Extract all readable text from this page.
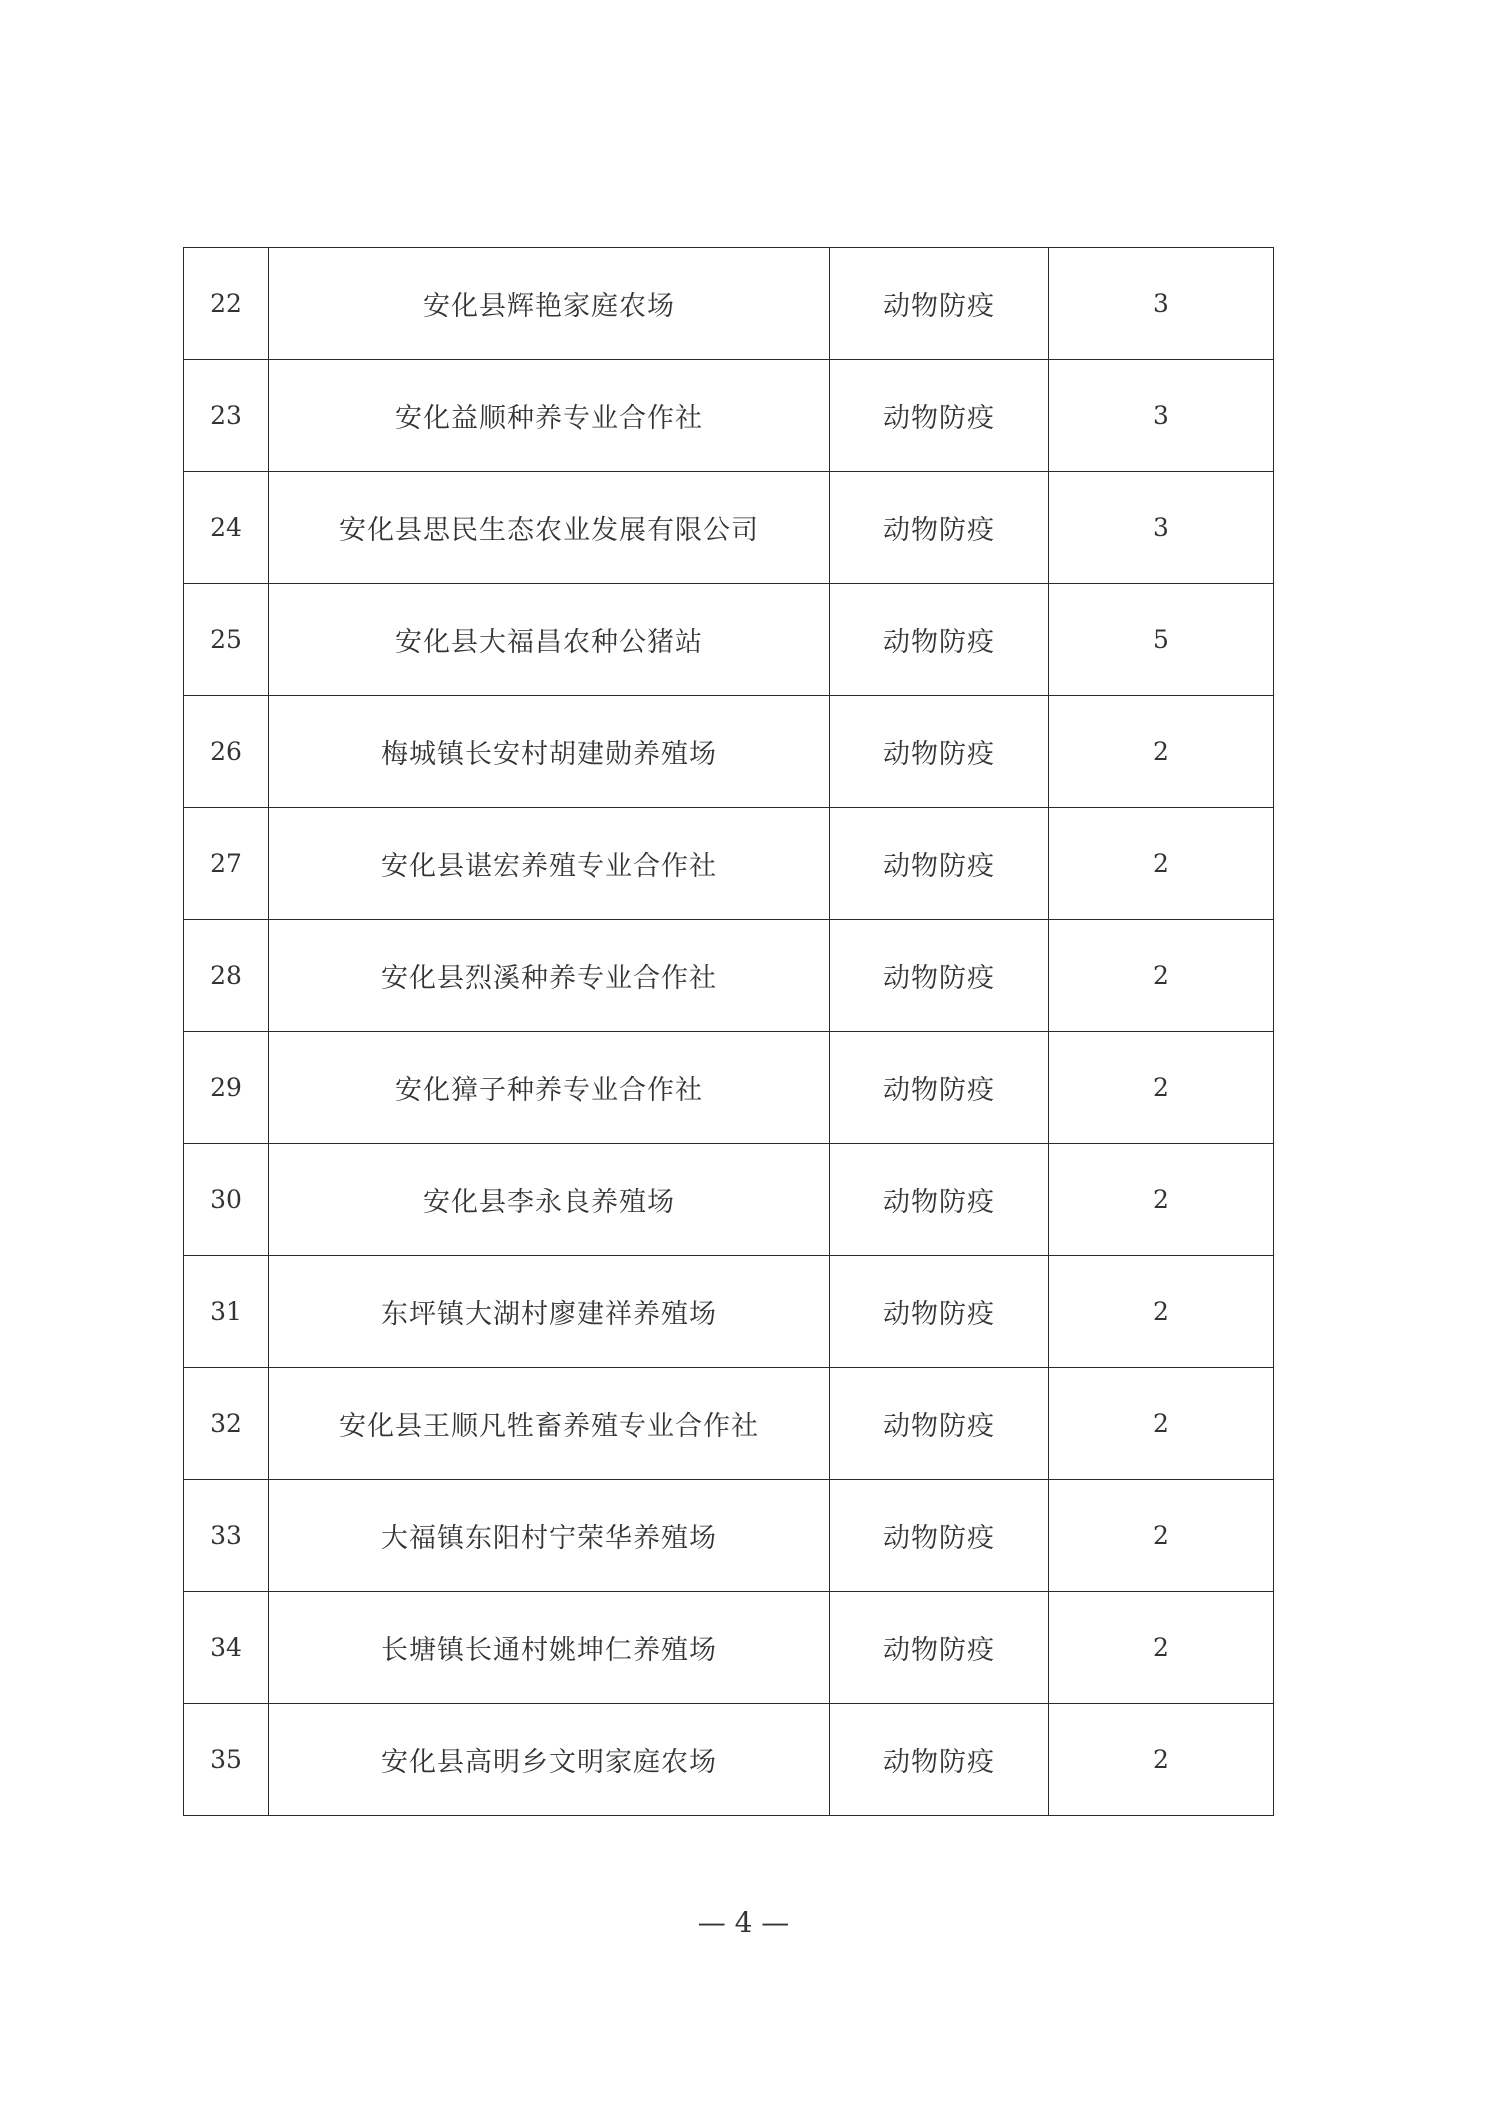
22	安化县辉艳家庭农场	动物防疫	3
23	安化益顺种养专业合作社	动物防疫	3
24	安化县思民生态农业发展有限公司	动物防疫	3
25	安化县大福昌农种公猪站	动物防疫	5
26	梅城镇长安村胡建勋养殖场	动物防疫	2
27	安化县谌宏养殖专业合作社	动物防疫	2
28	安化县烈溪种养专业合作社	动物防疫	2
29	安化獐子种养专业合作社	动物防疫	2
30	安化县李永良养殖场	动物防疫	2
31	东坪镇大湖村廖建祥养殖场	动物防疫	2
32	安化县王顺凡牲畜养殖专业合作社	动物防疫	2
33	大福镇东阳村宁荣华养殖场	动物防疫	2
34	长塘镇长通村姚坤仁养殖场	动物防疫	2
35	安化县高明乡文明家庭农场	动物防疫	2
— 4 —
